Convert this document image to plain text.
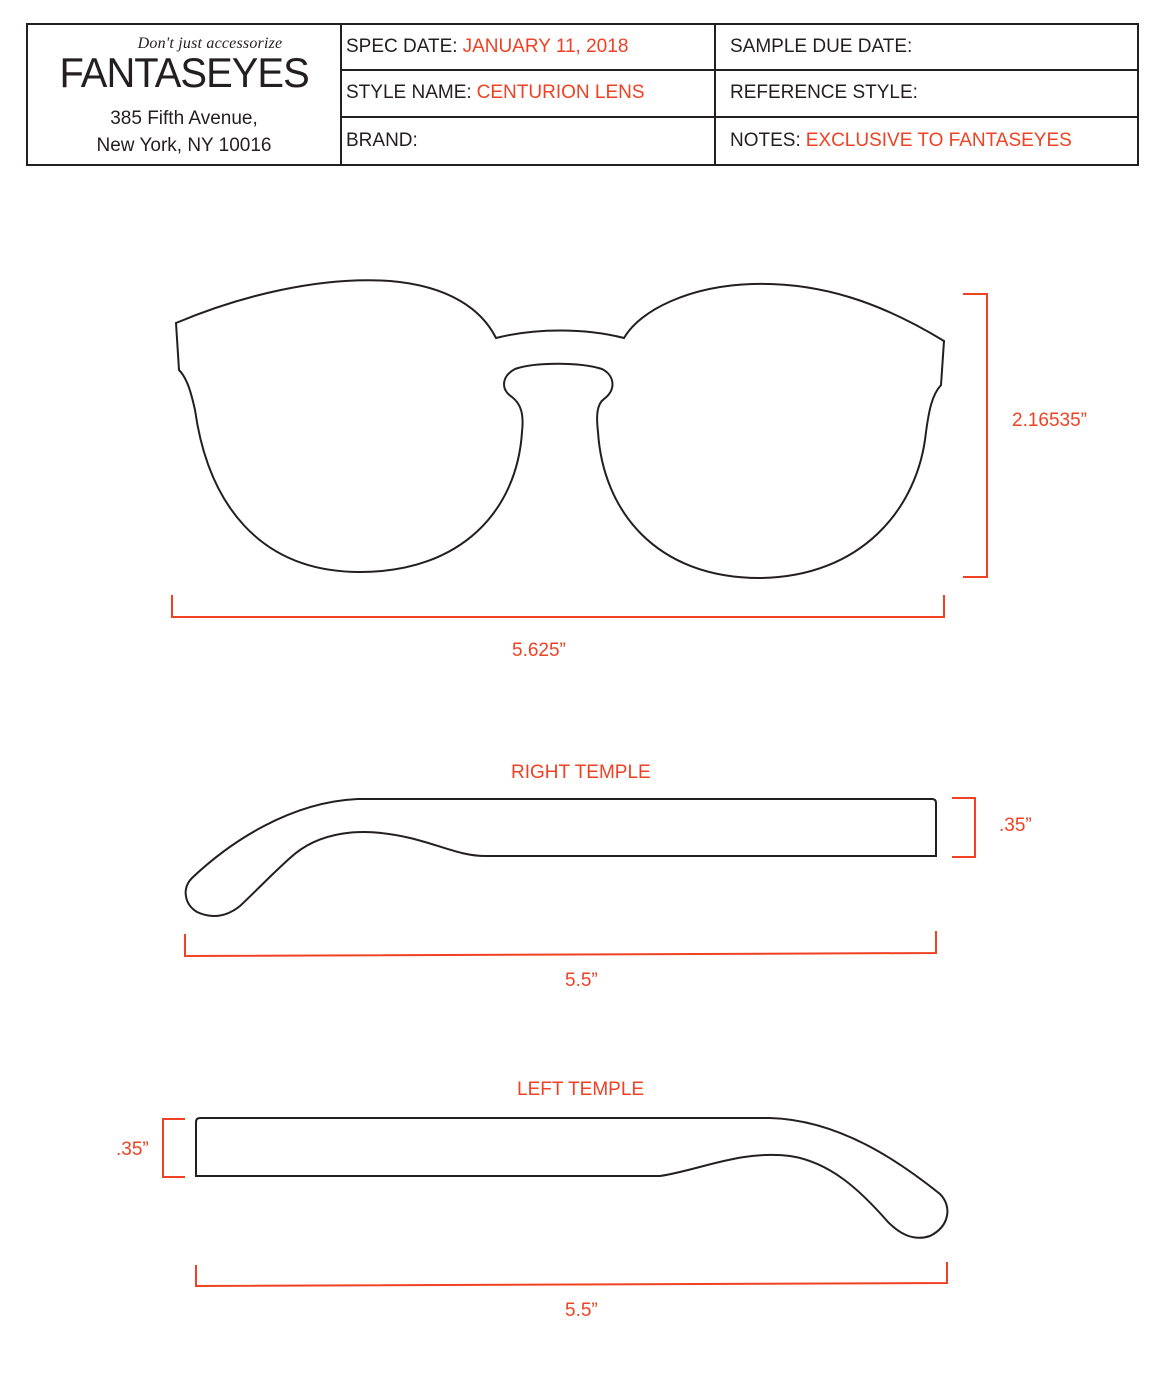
Don't just accessorize
FANTASEYES
385 Fifth Avenue,
New York, NY 10016
SPEC DATE: JANUARY 11, 2018	SAMPLE DUE DATE:
STYLE NAME: CENTURION LENS	REFERENCE STYLE:
BRAND:	NOTES: EXCLUSIVE TO FANTASEYES
2.16535”
5.625”
RIGHT TEMPLE
.35”
5.5”
LEFT TEMPLE
.35”
5.5”
